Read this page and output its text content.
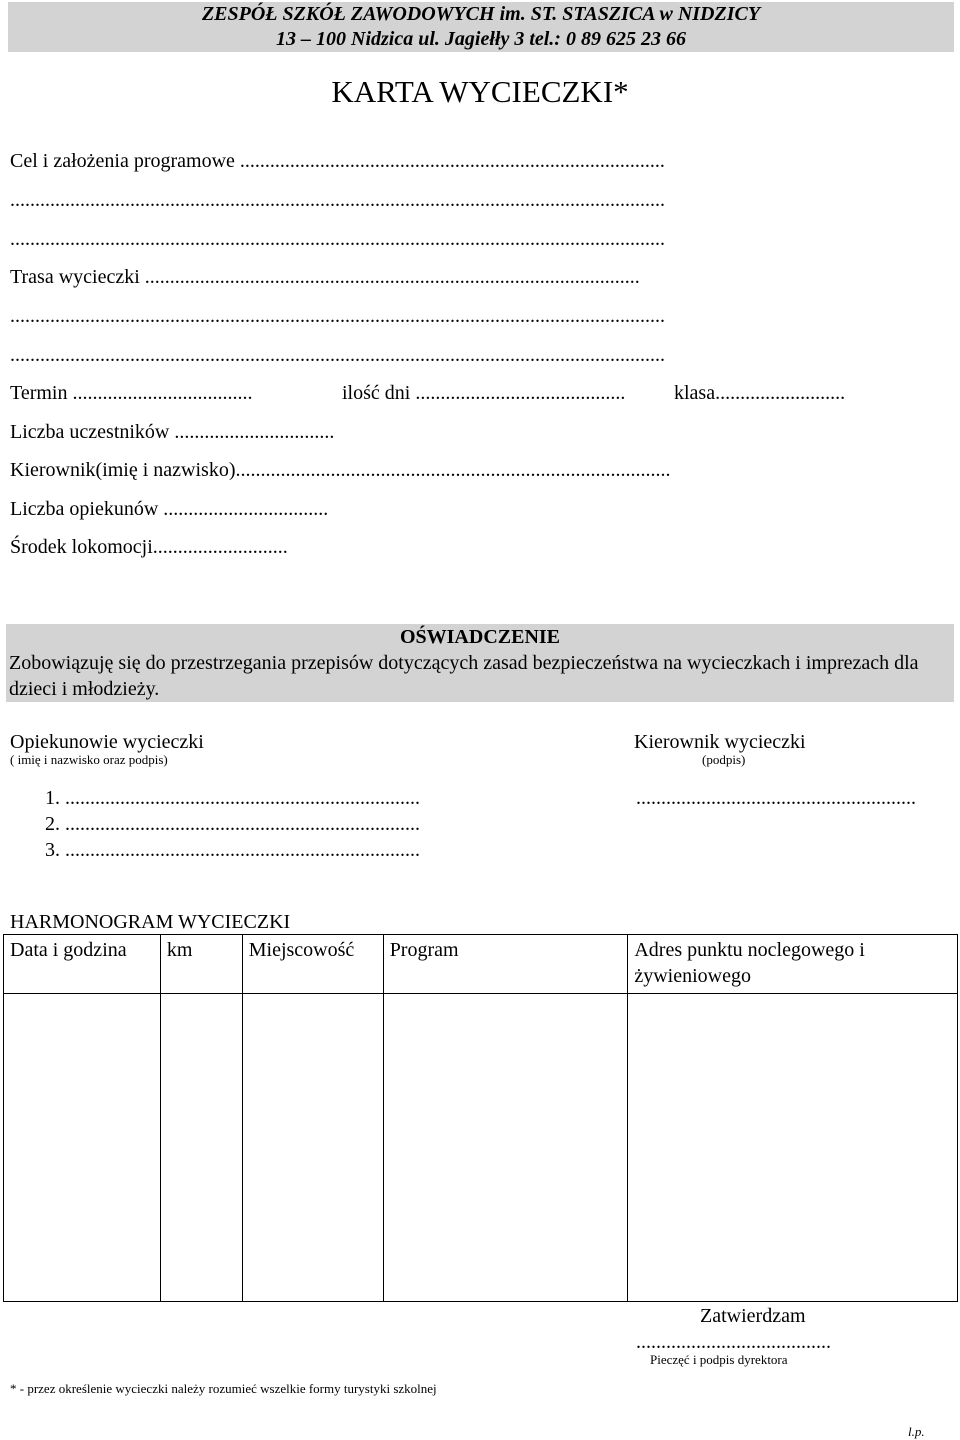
ZESPÓŁ SZKÓŁ ZAWODOWYCH im. ST. STASZICA w NIDZICY
13 – 100 Nidzica ul. Jagiełły 3 tel.: 0 89 625 23 66
KARTA WYCIECZKI*
Cel i założenia programowe .....................................................................................
...................................................................................................................................
...................................................................................................................................
Trasa wycieczki ...................................................................................................
...................................................................................................................................
...................................................................................................................................
Termin ....................................	ilość dni .......................................... klasa..........................
Liczba uczestników ................................
Kierownik(imię i nazwisko).......................................................................................
Liczba opiekunów .................................
Środek lokomocji...........................
OŚWIADCZENIE
Zobowiązuję się do przestrzegania przepisów dotyczących zasad bezpieczeństwa na wycieczkach i imprezach dla dzieci i młodzieży.
Opiekunowie wycieczki
( imię i nazwisko oraz podpis)
Kierownik wycieczki
(podpis)
1. .......................................................................
2. .......................................................................
3. .......................................................................
........................................................
HARMONOGRAM WYCIECZKI
Data i godzina	km	Miejscowość	Program	Adres punktu noclegowego i żywieniowego

Zatwierdzam
.......................................
Pieczęć i podpis dyrektora
* - przez określenie wycieczki należy rozumieć wszelkie formy turystyki szkolnej
l.p.
